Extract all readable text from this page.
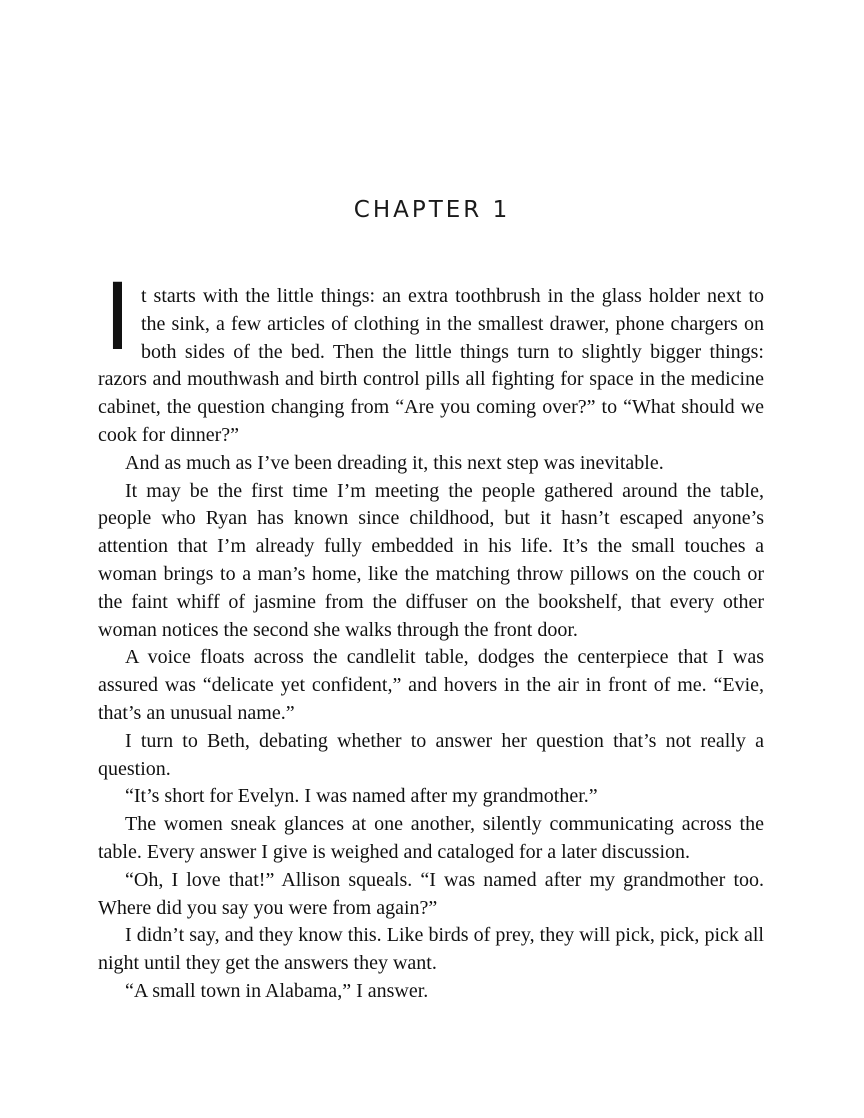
CHAPTER 1

It starts with the little things: an extra toothbrush in the glass holder next to the sink, a few articles of clothing in the smallest drawer, phone chargers on both sides of the bed. Then the little things turn to slightly bigger things: razors and mouthwash and birth control pills all fighting for space in the medicine cabinet, the question changing from “Are you coming over?” to “What should we cook for dinner?”

And as much as I’ve been dreading it, this next step was inevitable.

It may be the first time I’m meeting the people gathered around the table, people who Ryan has known since childhood, but it hasn’t escaped anyone’s attention that I’m already fully embedded in his life. It’s the small touches a woman brings to a man’s home, like the matching throw pillows on the couch or the faint whiff of jasmine from the diffuser on the bookshelf, that every other woman notices the second she walks through the front door.

A voice floats across the candlelit table, dodges the centerpiece that I was assured was “delicate yet confident,” and hovers in the air in front of me. “Evie, that’s an unusual name.”

I turn to Beth, debating whether to answer her question that’s not really a question.

“It’s short for Evelyn. I was named after my grandmother.”

The women sneak glances at one another, silently communicating across the table. Every answer I give is weighed and cataloged for a later discussion.

“Oh, I love that!” Allison squeals. “I was named after my grandmother too. Where did you say you were from again?”

I didn’t say, and they know this. Like birds of prey, they will pick, pick, pick all night until they get the answers they want.

“A small town in Alabama,” I answer.
